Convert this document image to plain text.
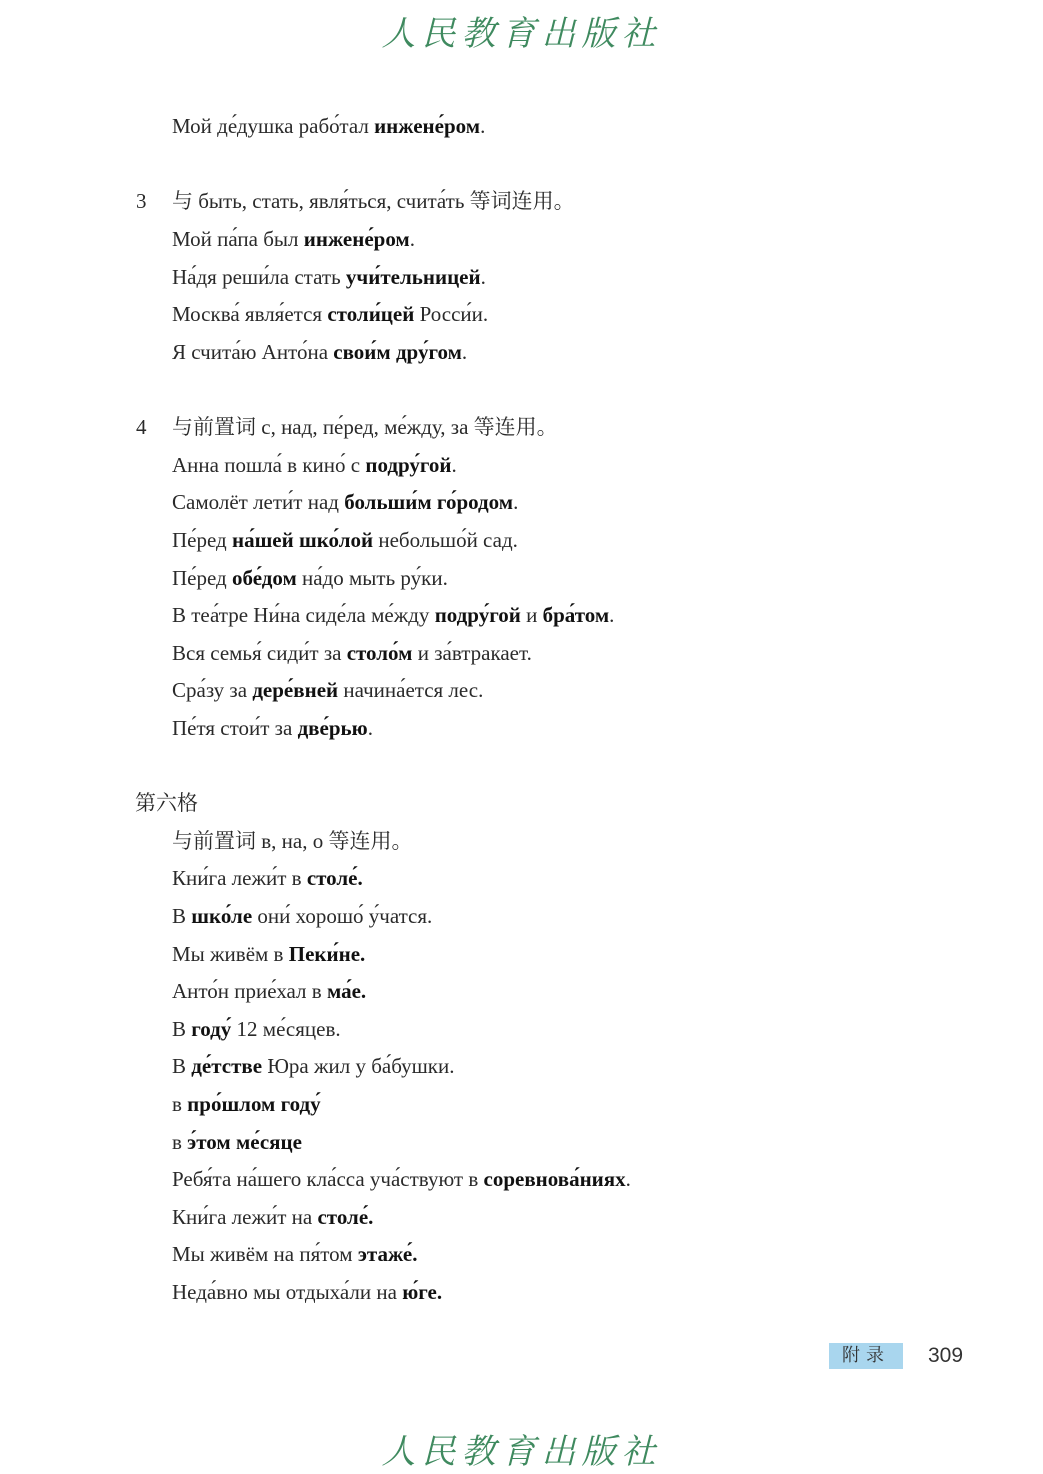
人民教育出版社
Мой де́душка рабо́тал инжене́ром.
3 与 быть, стать, явля́ться, счита́ть 等词连用。
Мой па́па был инжене́ром.
На́дя реши́ла стать учи́тельницей.
Москва́ явля́ется столи́цей Росси́и.
Я счита́ю Анто́на свои́м дру́гом.
4 与前置词 с, над, пе́ред, ме́жду, за 等连用。
Анна пошла́ в кино́ с подру́гой.
Самолёт лети́т над больши́м го́родом.
Пе́ред на́шей шко́лой небольшо́й сад.
Пе́ред обе́дом на́до мыть ру́ки.
В теа́тре Ни́на сиде́ла ме́жду подру́гой и бра́том.
Вся семья́ сиди́т за столо́м и за́втракает.
Сра́зу за дере́вней начина́ется лес.
Пе́тя стои́т за две́рью.
第六格
与前置词 в, на, о 等连用。
Кни́га лежи́т в столе́.
В шко́ле они́ хорошо́ у́чатся.
Мы живём в Пеки́не.
Анто́н прие́хал в ма́е.
В году́ 12 ме́сяцев.
В де́тстве Юра жил у ба́бушки.
в про́шлом году́
в э́том ме́сяце
Ребя́та на́шего кла́сса уча́ствуют в соревнова́ниях.
Кни́га лежи́т на столе́.
Мы живём на пя́том этаже́.
Неда́вно мы отдыха́ли на ю́ге.
附录	309
人民教育出版社
